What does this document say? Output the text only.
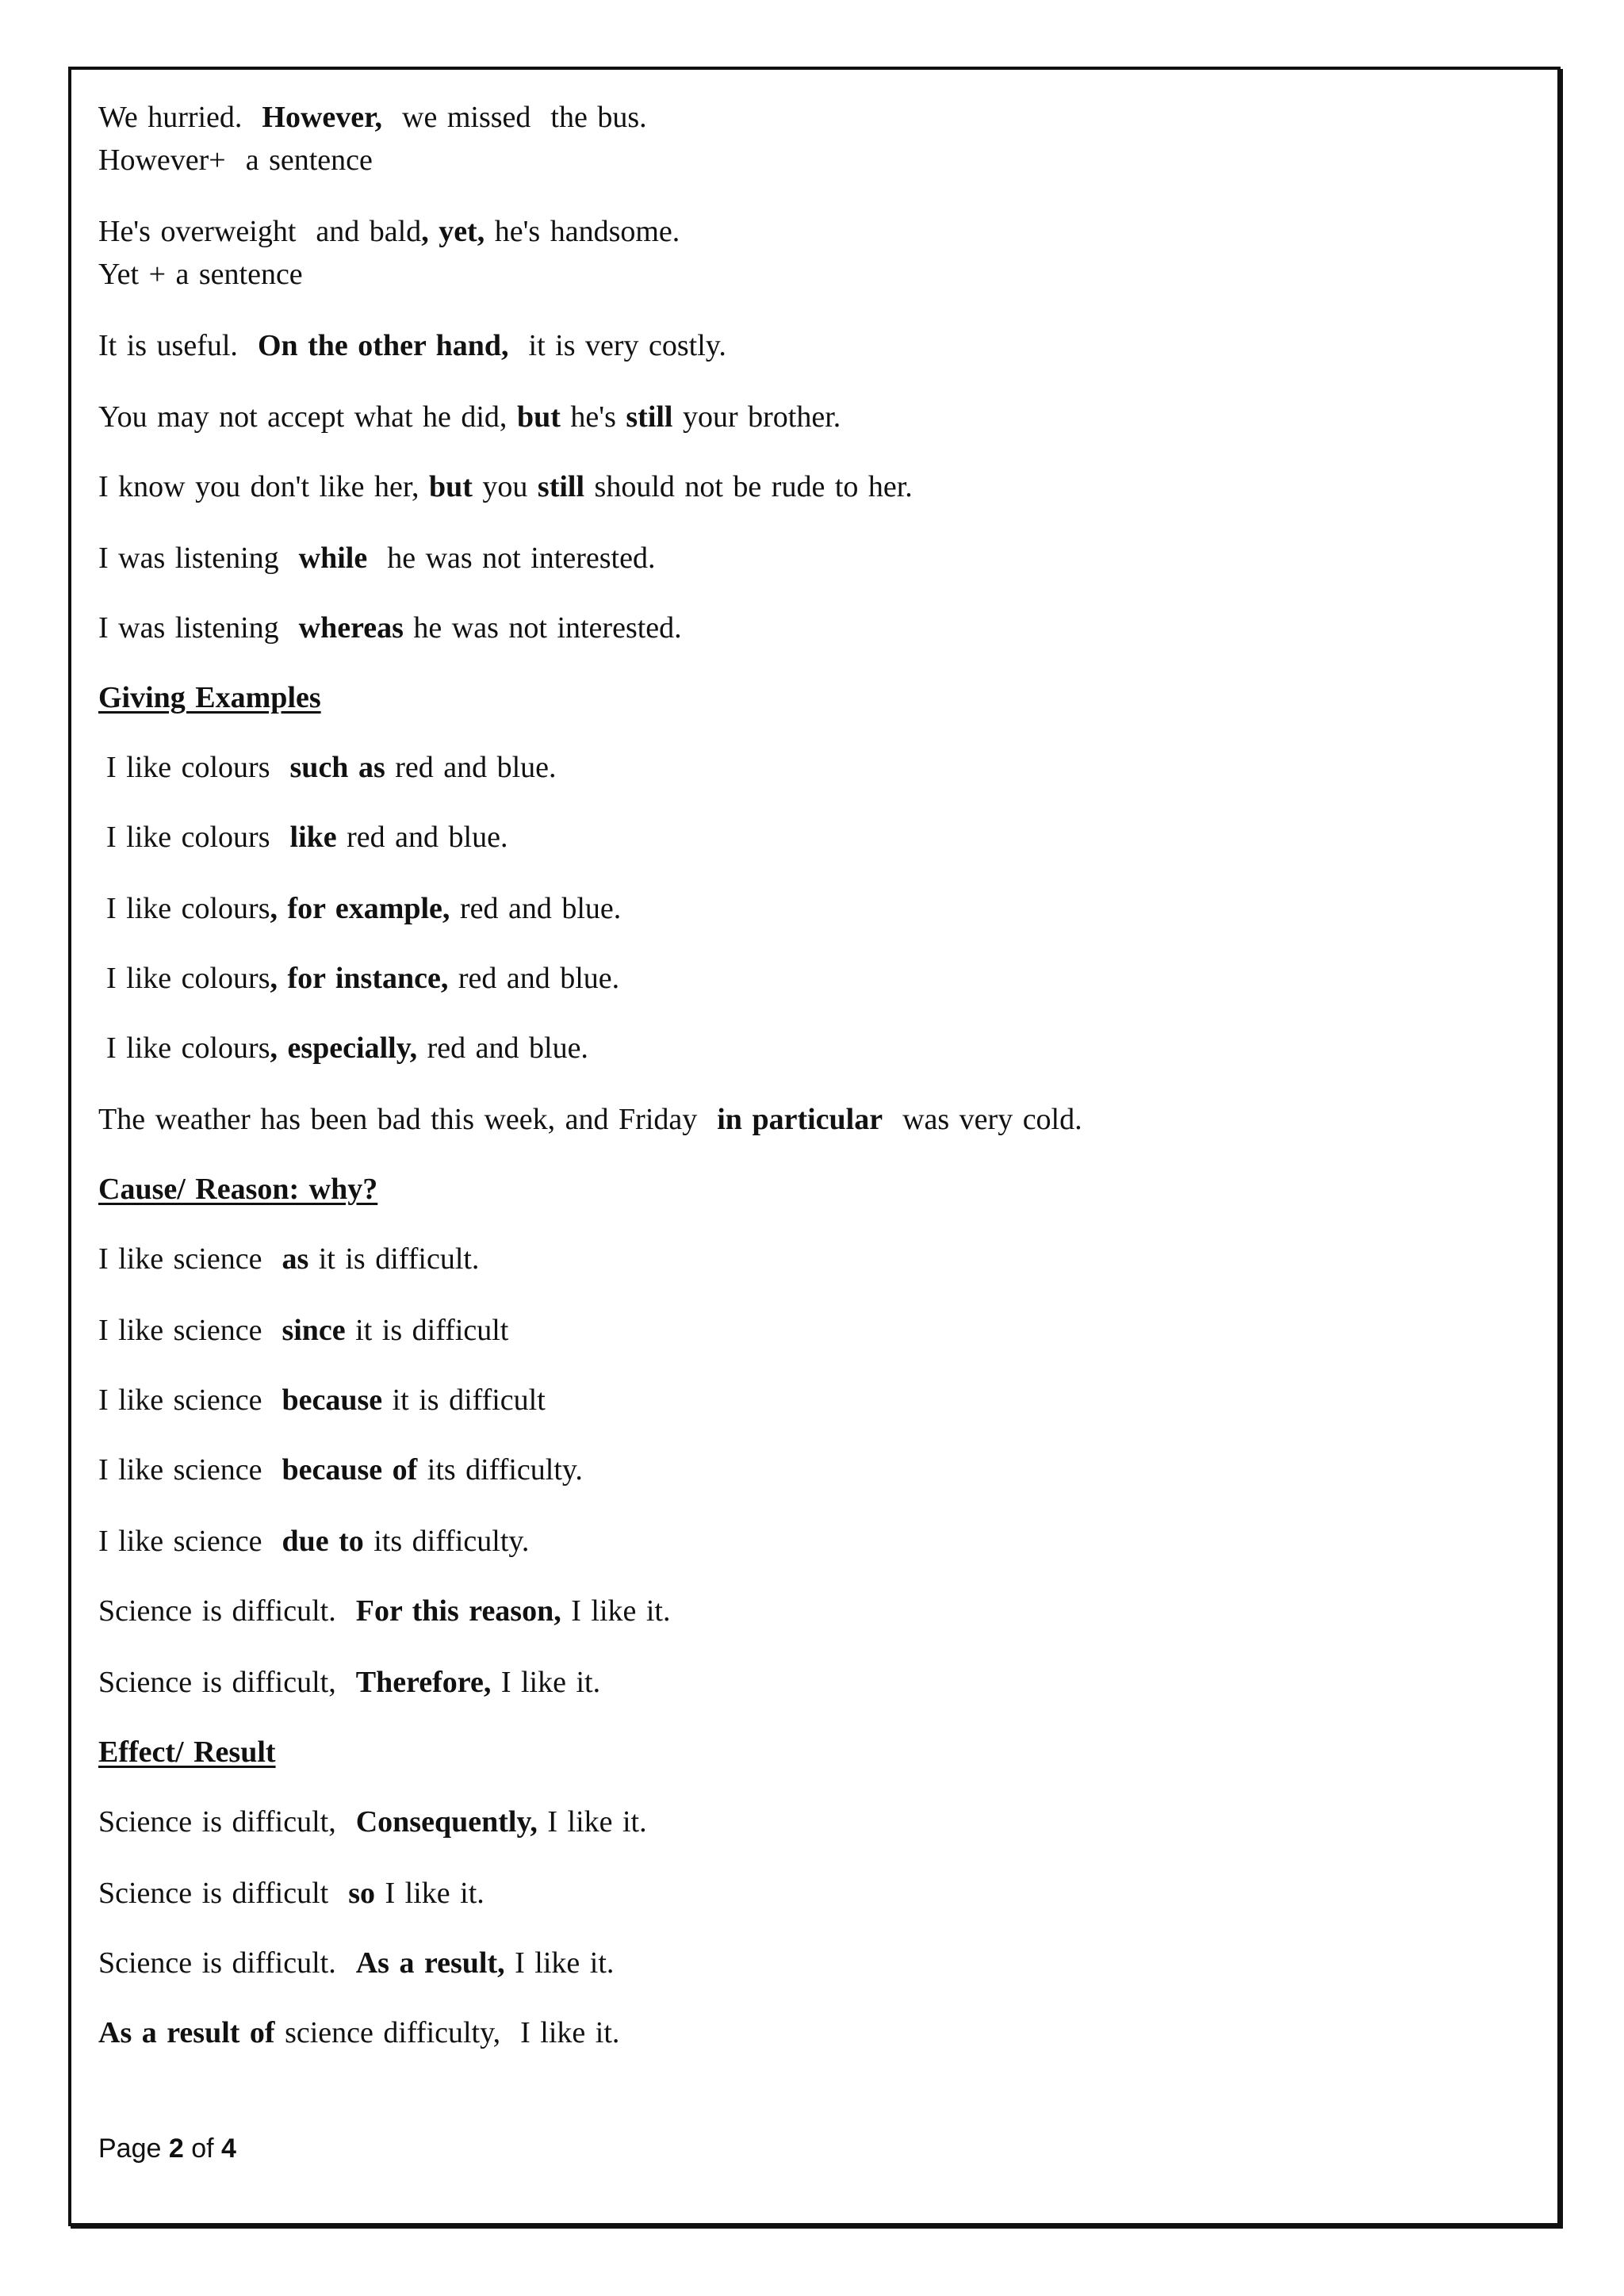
We hurried.  However,  we missed  the bus.
However+  a sentence
He's overweight  and bald, yet, he's handsome.
Yet + a sentence
It is useful.  On the other hand,  it is very costly.
You may not accept what he did, but he's still your brother.
I know you don't like her, but you still should not be rude to her.
I was listening  while  he was not interested.
I was listening  whereas he was not interested.
Giving Examples
I like colours  such as red and blue.
I like colours  like red and blue.
I like colours, for example, red and blue.
I like colours, for instance, red and blue.
I like colours, especially, red and blue.
The weather has been bad this week, and Friday  in particular  was very cold.
Cause/ Reason: why?
I like science  as it is difficult.
I like science  since it is difficult
I like science  because it is difficult
I like science  because of its difficulty.
I like science  due to its difficulty.
Science is difficult.  For this reason, I like it.
Science is difficult,  Therefore, I like it.
Effect/ Result
Science is difficult,  Consequently, I like it.
Science is difficult  so I like it.
Science is difficult.  As a result, I like it.
As a result of science difficulty,  I like it.
Page 2 of 4
